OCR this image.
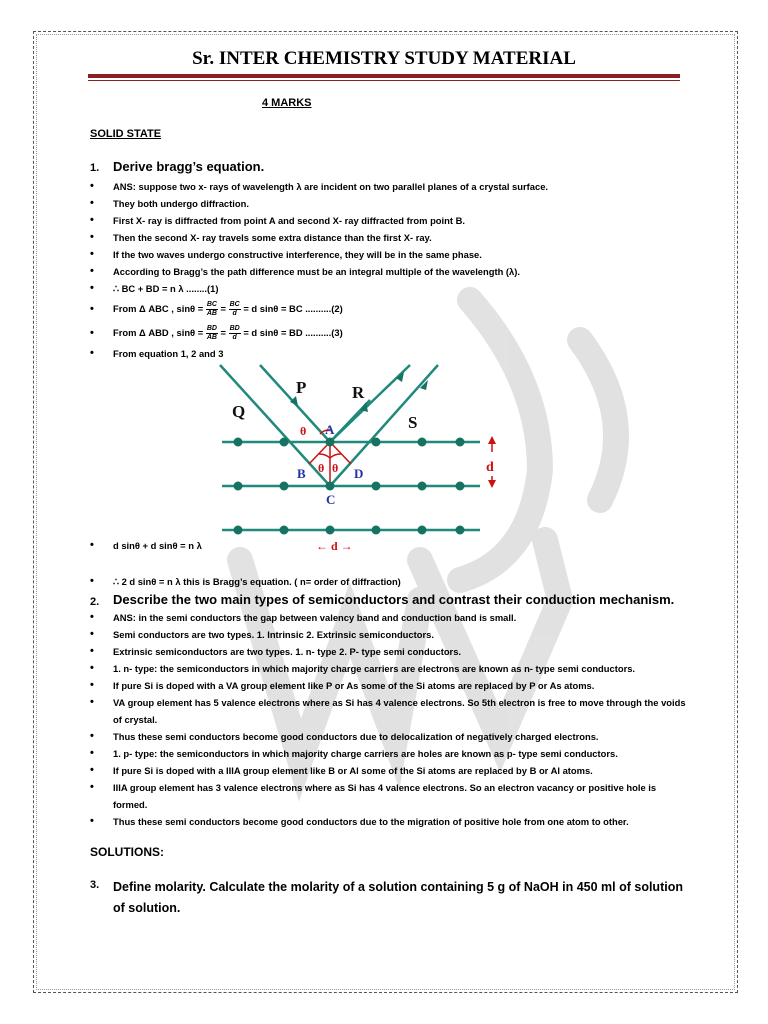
Sr. INTER CHEMISTRY STUDY MATERIAL
4 MARKS
SOLID STATE
1. Derive bragg’s equation.
• ANS: suppose two x- rays of wavelength λ are incident on two parallel planes of a crystal surface.
• They both undergo diffraction.
• First X- ray is diffracted from point A and second X- ray diffracted from point B.
• Then the second X- ray travels some extra distance than the first X- ray.
• If the two waves undergo constructive interference, they will be in the same phase.
• According to Bragg’s the path difference must be an integral multiple of the wavelength (λ).
• ∴ BC + BD = n λ ........(1)
• From Δ ABC , $\sin\theta = \frac{BC}{AB} = \frac{BC}{d} = d$ sinθ = BC ..........(2)
• From Δ ABD , $\sin\theta = \frac{BD}{AB} = \frac{BD}{d} = d$ sinθ = BD ..........(3)
• From equation 1, 2 and 3
P	R
Q
S
A
B
C
D
θ
θ θ	d
← d →
• d sinθ + d sinθ = n λ
• ∴ 2 d sinθ = n λ this is Bragg’s equation. ( n= order of diffraction)
2. Describe the two main types of semiconductors and contrast their conduction mechanism.
• ANS: in the semi conductors the gap between valency band and conduction band is small.
• Semi conductors are two types. 1. Intrinsic 2. Extrinsic semiconductors.
• Extrinsic semiconductors are two types. 1. n- type 2. P- type semi conductors.
• 1. n- type: the semiconductors in which majority charge carriers are electrons are known as n- type semi conductors.
• If pure Si is doped with a VA group element like P or As some of the Si atoms are replaced by P or As atoms.
• VA group element has 5 valence electrons where as Si has 4 valence electrons. So 5th electron is free to move through the voids of crystal.
• Thus these semi conductors become good conductors due to delocalization of negatively charged electrons.
• 1. p- type: the semiconductors in which majority charge carriers are holes are known as p- type semi conductors.
• If pure Si is doped with a IIIA group element like B or Al some of the Si atoms are replaced by B or Al atoms.
• IIIA group element has 3 valence electrons where as Si has 4 valence electrons. So an electron vacancy or positive hole is formed.
• Thus these semi conductors become good conductors due to the migration of positive hole from one atom to other.
SOLUTIONS:
3. Define molarity. Calculate the molarity of a solution containing 5 g of NaOH in 450 ml of solution of solution.
